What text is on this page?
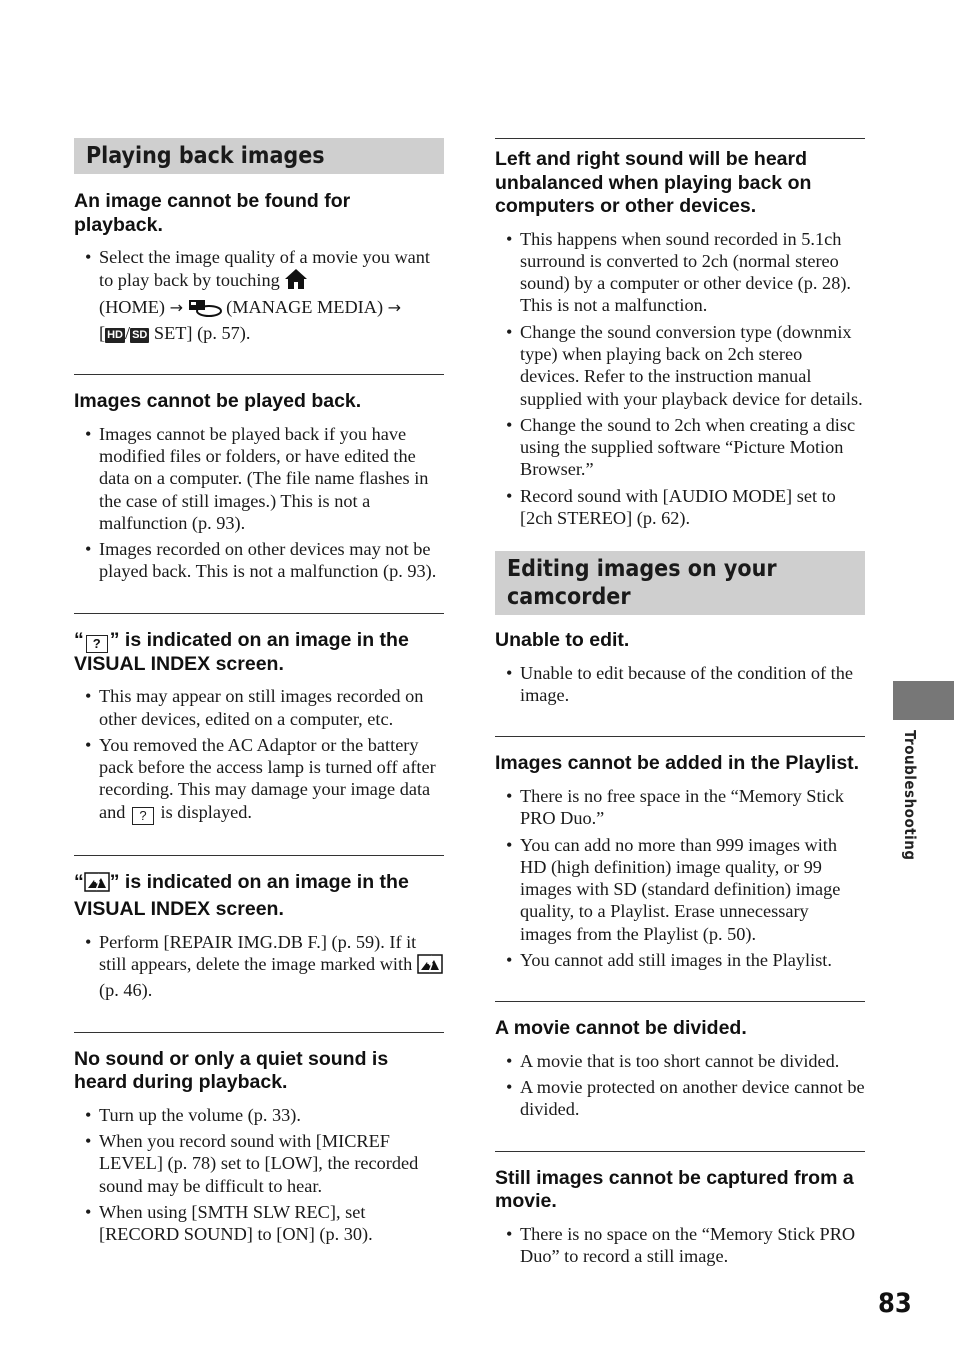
Playing back images
An image cannot be found for playback.
• Select the image quality of a movie you want to play back by touching
(HOME) → (MANAGE MEDIA) →
[ HD / SD SET] (p. 57).
Images cannot be played back.
• Images cannot be played back if you have modified files or folders, or have edited the data on a computer. (The file name flashes in the case of still images.) This is not a malfunction (p. 93).
• Images recorded on other devices may not be played back. This is not a malfunction (p. 93).
“ ? ” is indicated on an image in the VISUAL INDEX screen.
• This may appear on still images recorded on other devices, edited on a computer, etc.
• You removed the AC Adaptor or the battery pack before the access lamp is turned off after recording. This may damage your image data and ? is displayed.
“ ” is indicated on an image in the VISUAL INDEX screen.
• Perform [REPAIR IMG.DB F.] (p. 59). If it still appears, delete the image marked with  (p. 46).
No sound or only a quiet sound is heard during playback.
• Turn up the volume (p. 33).
• When you record sound with [MICREF LEVEL] (p. 78) set to [LOW], the recorded sound may be difficult to hear.
• When using [SMTH SLW REC], set [RECORD SOUND] to [ON] (p. 30).
Left and right sound will be heard unbalanced when playing back on computers or other devices.
• This happens when sound recorded in 5.1ch surround is converted to 2ch (normal stereo sound) by a computer or other device (p. 28). This is not a malfunction.
• Change the sound conversion type (downmix type) when playing back on 2ch stereo devices. Refer to the instruction manual supplied with your playback device for details.
• Change the sound to 2ch when creating a disc using the supplied software “Picture Motion Browser.”
• Record sound with [AUDIO MODE] set to [2ch STEREO] (p. 62).
Editing images on your camcorder
Unable to edit.
• Unable to edit because of the condition of the image.
Images cannot be added in the Playlist.
• There is no free space in the “Memory Stick PRO Duo.”
• You can add no more than 999 images with HD (high definition) image quality, or 99 images with SD (standard definition) image quality, to a Playlist. Erase unnecessary images from the Playlist (p. 50).
• You cannot add still images in the Playlist.
A movie cannot be divided.
• A movie that is too short cannot be divided.
• A movie protected on another device cannot be divided.
Still images cannot be captured from a movie.
• There is no space on the “Memory Stick PRO Duo” to record a still image.
Troubleshooting
83
